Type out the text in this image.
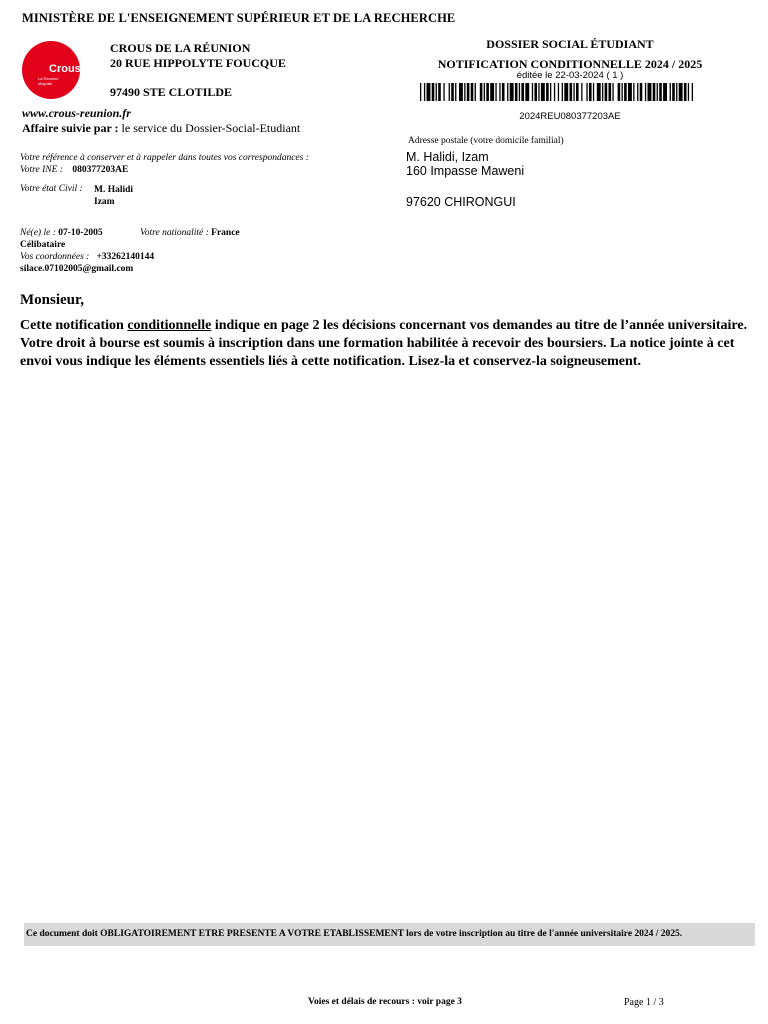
MINISTÈRE DE L'ENSEIGNEMENT SUPÉRIEUR ET DE LA RECHERCHE
Crous
La Réunion
Mayotte
CROUS DE LA RÉUNION
20 RUE HIPPOLYTE FOUCQUE
97490 STE CLOTILDE
www.crous-reunion.fr
Affaire suivie par : le service du Dossier-Social-Etudiant
DOSSIER SOCIAL ÉTUDIANT
NOTIFICATION CONDITIONNELLE 2024 / 2025
éditée le 22-03-2024 ( 1 )
2024REU080377203AE
Adresse postale (votre domicile familial)
M. Halidi, Izam
160 Impasse Maweni
97620 CHIRONGUI
Votre référence à conserver et à rappeler dans toutes vos correspondances :
Votre INE : 080377203AE
Votre état Civil : M. Halidi
Izam
Né(e) le : 07-10-2005	Votre nationalité : France
Célibataire
Vos coordonnées : +33262140144
silace.07102005@gmail.com
Monsieur,
Cette notification conditionnelle indique en page 2 les décisions concernant vos demandes au titre de l’année universitaire. Votre droit à bourse est soumis à inscription dans une formation habilitée à recevoir des boursiers. La notice jointe à cet envoi vous indique les éléments essentiels liés à cette notification. Lisez-la et conservez-la soigneusement.
Ce document doit OBLIGATOIREMENT ETRE PRESENTE A VOTRE ETABLISSEMENT lors de votre inscription au titre de l'année universitaire 2024 / 2025.
Voies et délais de recours : voir page 3	Page 1 / 3
